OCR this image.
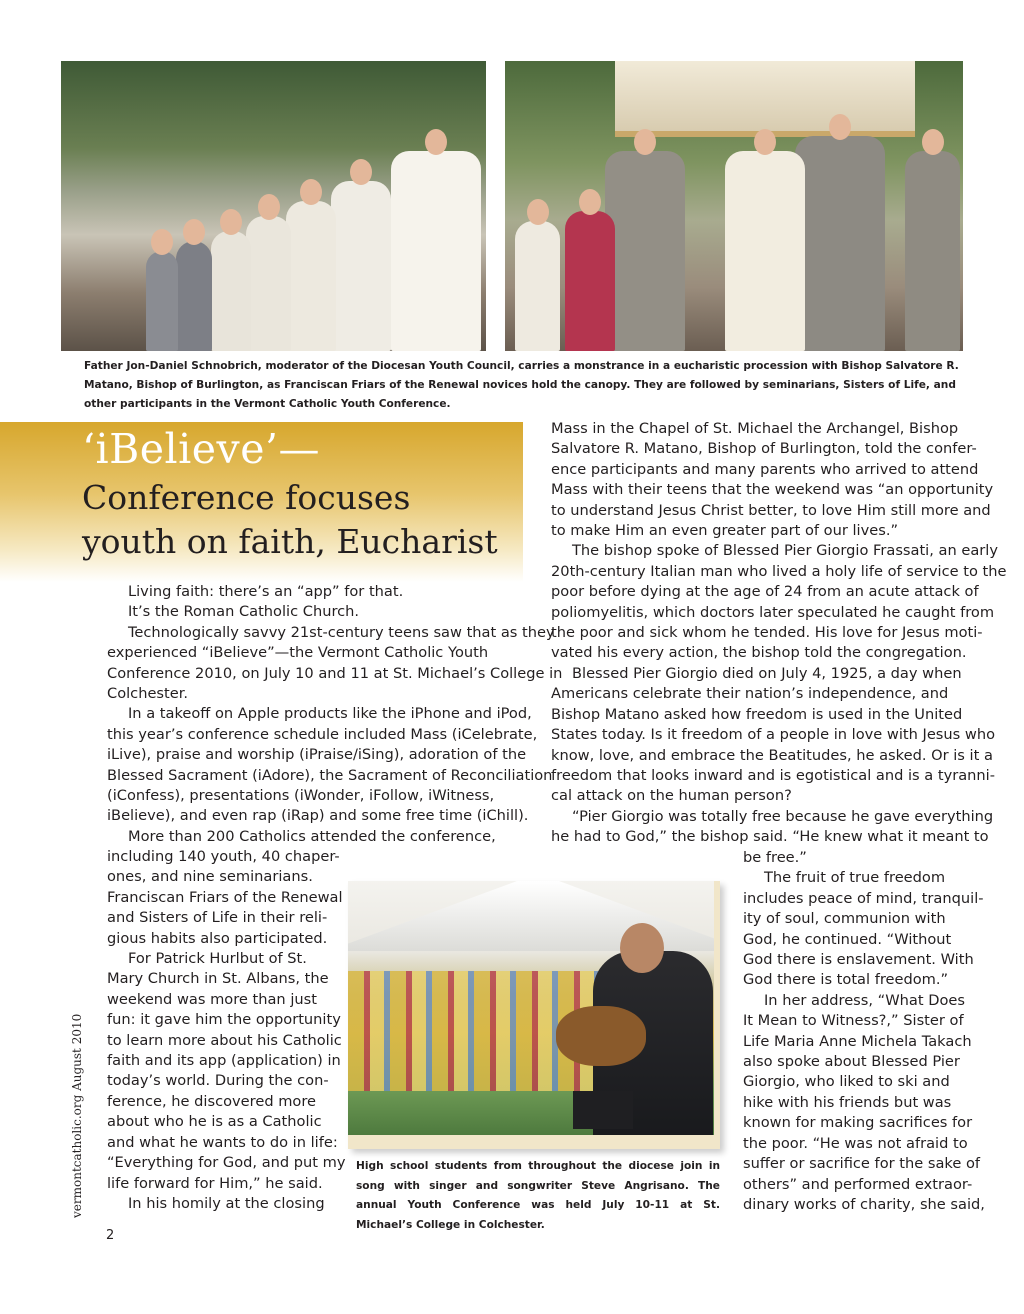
Father Jon-Daniel Schnobrich, moderator of the Diocesan Youth Council, carries a monstrance in a eucharistic procession with Bishop Salvatore R. Matano, Bishop of Burlington, as Franciscan Friars of the Renewal novices hold the canopy. They are followed by seminarians, Sisters of Life, and other participants in the Vermont Catholic Youth Conference.
‘iBelieve’—
Conference focuses
youth on faith, Eucharist

Living faith: there’s an “app” for that.

It’s the Roman Catholic Church.

Technologically savvy 21st-century teens saw that as they

experienced “iBelieve”—the Vermont Catholic Youth

Conference 2010, on July 10 and 11 at St. Michael’s College in

Colchester.

In a takeoff on Apple products like the iPhone and iPod,

this year’s conference schedule included Mass (iCelebrate,

iLive), praise and worship (iPraise/iSing), adoration of the

Blessed Sacrament (iAdore), the Sacrament of Reconciliation

(iConfess), presentations (iWonder, iFollow, iWitness,

iBelieve), and even rap (iRap) and some free time (iChill).

More than 200 Catholics attended the conference,

including 140 youth, 40 chaper-

ones, and nine seminarians.

Franciscan Friars of the Renewal

and Sisters of Life in their reli-

gious habits also participated.

For Patrick Hurlbut of St.

Mary Church in St. Albans, the

weekend was more than just

fun: it gave him the opportunity

to learn more about his Catholic

faith and its app (application) in

today’s world. During the con-

ference, he discovered more

about who he is as a Catholic

and what he wants to do in life:

“Everything for God, and put my

life forward for Him,” he said.

In his homily at the closing

Mass in the Chapel of St. Michael the Archangel, Bishop

Salvatore R. Matano, Bishop of Burlington, told the confer-

ence participants and many parents who arrived to attend

Mass with their teens that the weekend was “an opportunity

to understand Jesus Christ better, to love Him still more and

to make Him an even greater part of our lives.”

The bishop spoke of Blessed Pier Giorgio Frassati, an early

20th-century Italian man who lived a holy life of service to the

poor before dying at the age of 24 from an acute attack of

poliomyelitis, which doctors later speculated he caught from

the poor and sick whom he tended. His love for Jesus moti-

vated his every action, the bishop told the congregation.

Blessed Pier Giorgio died on July 4, 1925, a day when

Americans celebrate their nation’s independence, and

Bishop Matano asked how freedom is used in the United

States today. Is it freedom of a people in love with Jesus who

know, love, and embrace the Beatitudes, he asked. Or is it a

freedom that looks inward and is egotistical and is a tyranni-

cal attack on the human person?

“Pier Giorgio was totally free because he gave everything

he had to God,” the bishop said. “He knew what it meant to

be free.”

The fruit of true freedom

includes peace of mind, tranquil-

ity of soul, communion with

God, he continued. “Without

God there is enslavement. With

God there is total freedom.”

In her address, “What Does

It Mean to Witness?,” Sister of

Life Maria Anne Michela Takach

also spoke about Blessed Pier

Giorgio, who liked to ski and

hike with his friends but was

known for making sacrifices for

the poor. “He was not afraid to

suffer or sacrifice for the sake of

others” and performed extraor-

dinary works of charity, she said,

High school students from throughout the diocese join in song with singer and songwriter Steve Angrisano. The annual Youth Conference was held July 10-11 at St. Michael’s College in Colchester.
vermontcatholic.org August 2010
2
